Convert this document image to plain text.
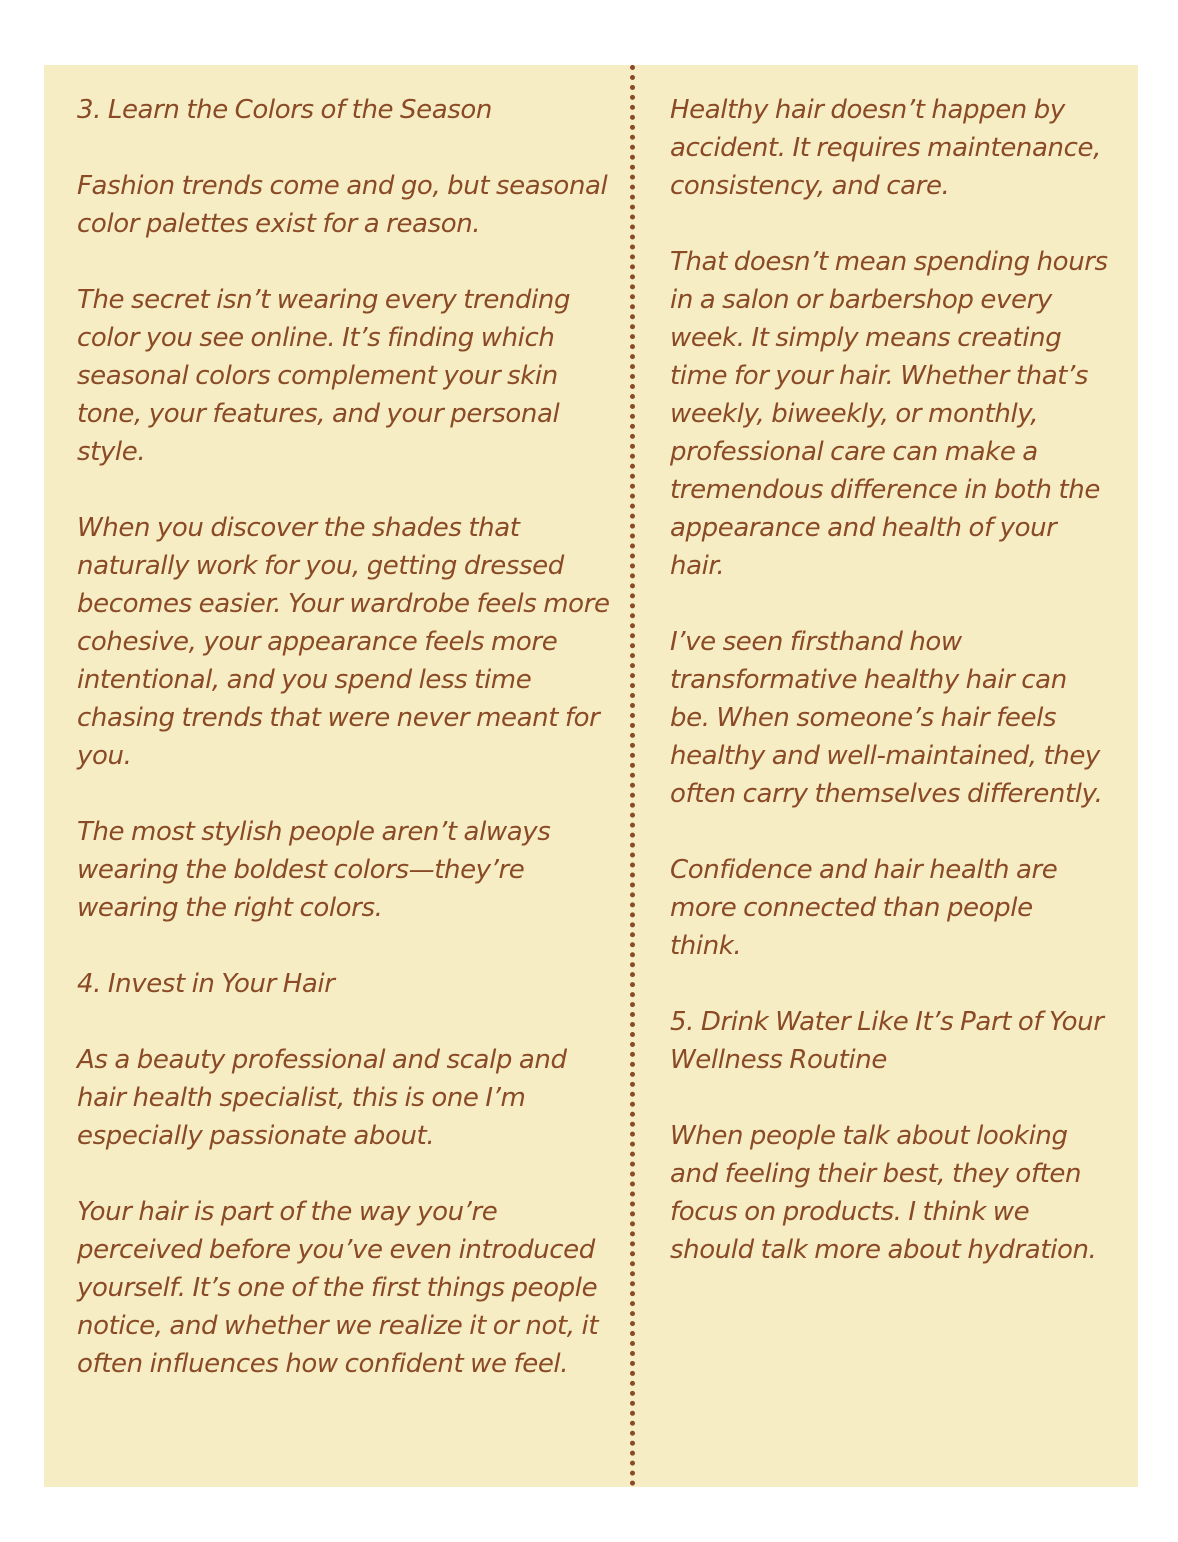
3. Learn the Colors of the Season

Fashion trends come and go, but seasonal color palettes exist for a reason.

The secret isn’t wearing every trending color you see online. It’s finding which seasonal colors complement your skin tone, your features, and your personal style.

When you discover the shades that naturally work for you, getting dressed becomes easier. Your wardrobe feels more cohesive, your appearance feels more intentional, and you spend less time chasing trends that were never meant for you.

The most stylish people aren’t always wearing the boldest colors—they’re wearing the right colors.

4. Invest in Your Hair

As a beauty professional and scalp and hair health specialist, this is one I’m especially passionate about.

Your hair is part of the way you’re perceived before you’ve even introduced yourself. It’s one of the first things people notice, and whether we realize it or not, it often influences how confident we feel.

Healthy hair doesn’t happen by accident. It requires maintenance, consistency, and care.

That doesn’t mean spending hours in a salon or barbershop every week. It simply means creating time for your hair. Whether that’s weekly, biweekly, or monthly, professional care can make a tremendous difference in both the appearance and health of your hair.

I’ve seen firsthand how transformative healthy hair can be. When someone’s hair feels healthy and well-maintained, they often carry themselves differently.

Confidence and hair health are more connected than people think.

5. Drink Water Like It’s Part of Your Wellness Routine

When people talk about looking and feeling their best, they often focus on products. I think we should talk more about hydration.
